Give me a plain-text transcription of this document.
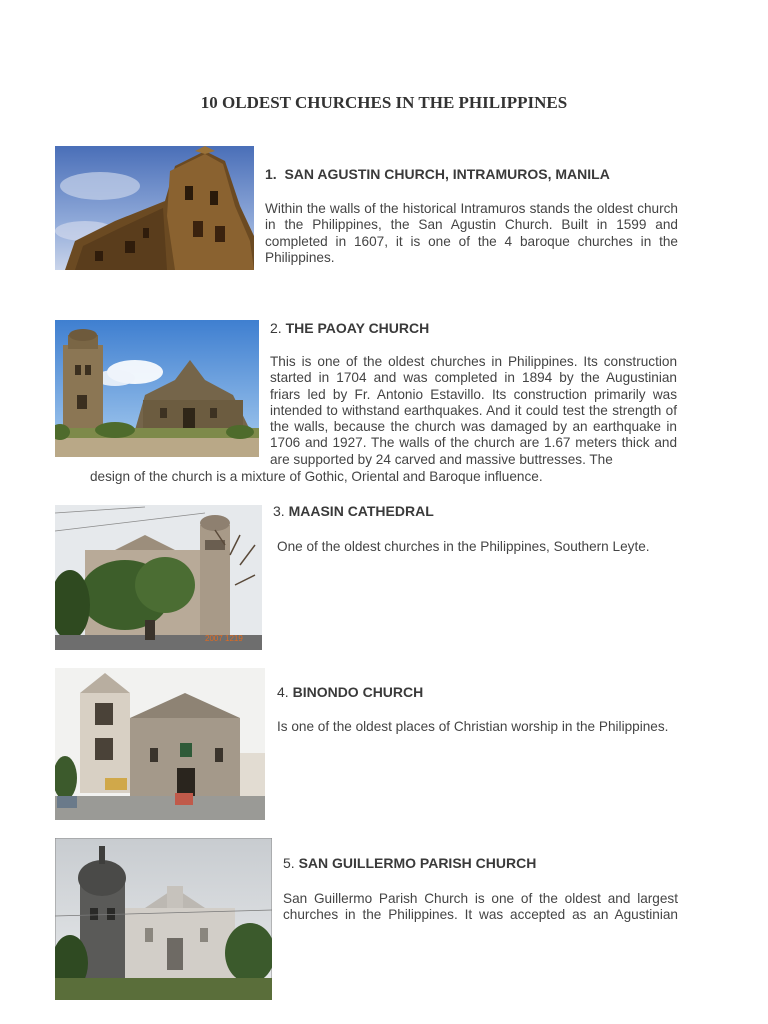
10 OLDEST CHURCHES IN THE PHILIPPINES

1. SAN AGUSTIN CHURCH, INTRAMUROS, MANILA

Within the walls of the historical Intramuros stands the oldest church in the Philippines, the San Agustin Church. Built in 1599 and completed in 1607, it is one of the 4 baroque churches in the Philippines.

2. THE PAOAY CHURCH

This is one of the oldest churches in Philippines. Its construction started in 1704 and was completed in 1894 by the Augustinian friars led by Fr. Antonio Estavillo. Its construction primarily was intended to withstand earthquakes. And it could test the strength of the walls, because the church was damaged by an earthquake in 1706 and 1927. The walls of the church are 1.67 meters thick and are supported by 24 carved and massive buttresses. The

design of the church is a mixture of Gothic, Oriental and Baroque influence.

2007 1219

3. MAASIN CATHEDRAL

One of the oldest churches in the Philippines, Southern Leyte.

4. BINONDO CHURCH

Is one of the oldest places of Christian worship in the Philippines.

5. SAN GUILLERMO PARISH CHURCH

San Guillermo Parish Church is one of the oldest and largest churches in the Philippines. It was accepted as an Agustinian
